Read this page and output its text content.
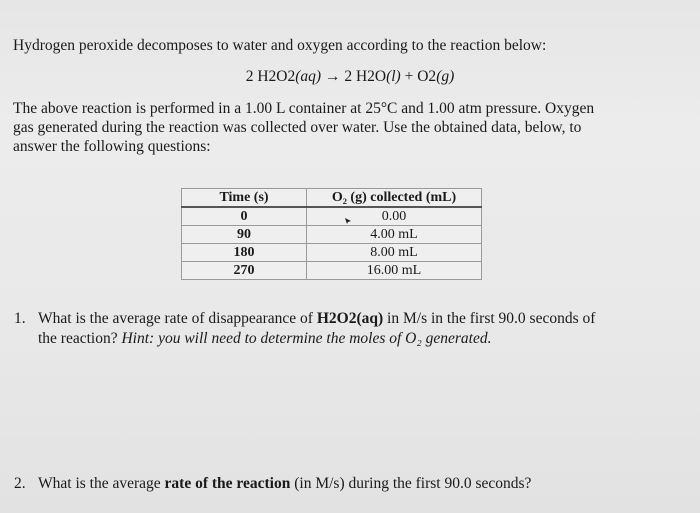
Hydrogen peroxide decomposes to water and oxygen according to the reaction below:
2 H2O2(aq) → 2 H2O(l) + O2(g)
The above reaction is performed in a 1.00 L container at 25°C and 1.00 atm pressure. Oxygen
gas generated during the reaction was collected over water. Use the obtained data, below, to
answer the following questions:
Time (s)	O₂ (g) collected (mL)
0	0.00
90	4.00 mL
180	8.00 mL
270	16.00 mL
1. What is the average rate of disappearance of H2O2(aq) in M/s in the first 90.0 seconds of
the reaction? Hint: you will need to determine the moles of O₂ generated.
2. What is the average rate of the reaction (in M/s) during the first 90.0 seconds?
